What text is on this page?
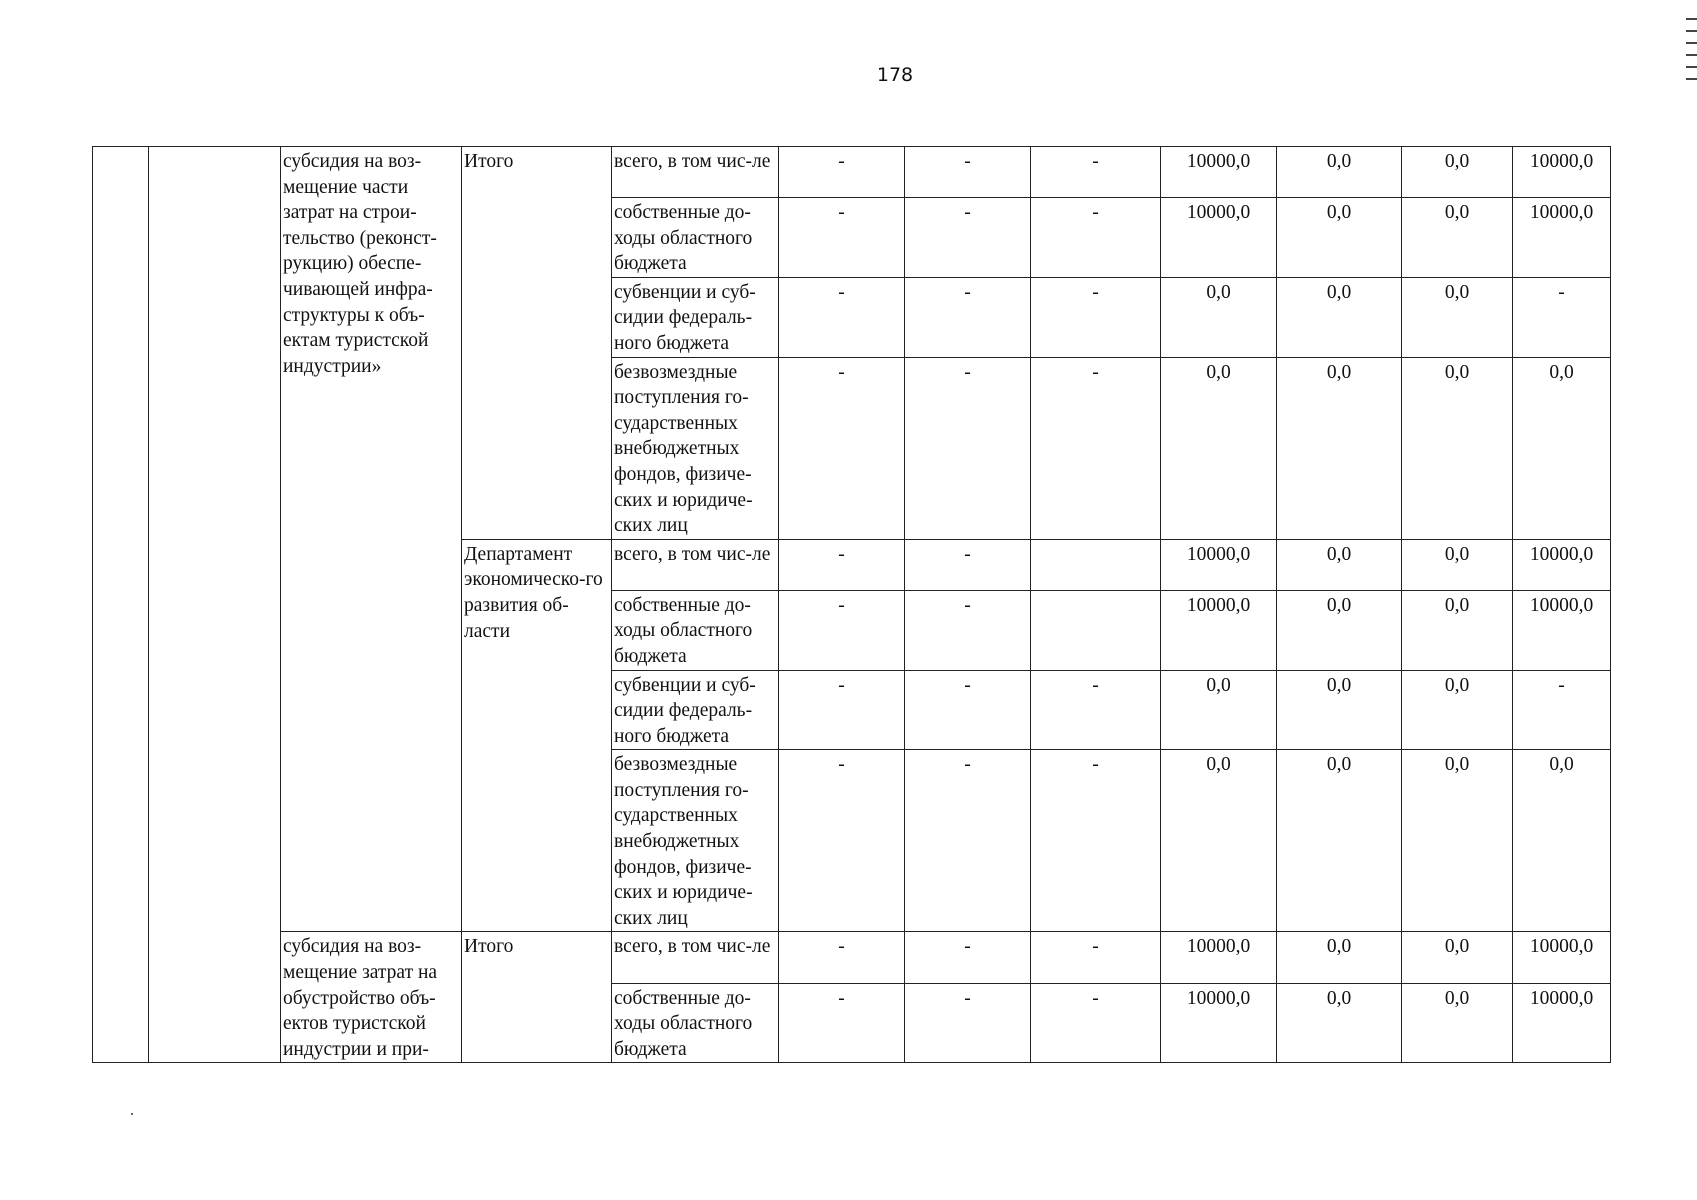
178
		субсидия на воз-мещение части затрат на строи-тельство (реконст-рукцию) обеспе-чивающей инфра-структуры к объ-ектам туристской индустрии»	Итого	всего, в том чис-ле	-	-	-	10000,0	0,0	0,0	10000,0
				собственные до-ходы областного бюджета	-	-	-	10000,0	0,0	0,0	10000,0
				субвенции и суб-сидии федераль-ного бюджета	-	-	-	0,0	0,0	0,0	-
				безвозмездные поступления го-сударственных внебюджетных фондов, физиче-ских и юридиче-ских лиц	-	-	-	0,0	0,0	0,0	0,0
			Департамент экономическо-го развития об-ласти	всего, в том чис-ле	-	-		10000,0	0,0	0,0	10000,0
				собственные до-ходы областного бюджета	-	-		10000,0	0,0	0,0	10000,0
				субвенции и суб-сидии федераль-ного бюджета	-	-	-	0,0	0,0	0,0	-
				безвозмездные поступления го-сударственных внебюджетных фондов, физиче-ских и юридиче-ских лиц	-	-	-	0,0	0,0	0,0	0,0
		субсидия на воз-мещение затрат на обустройство объ-ектов туристской индустрии и при-	Итого	всего, в том чис-ле	-	-	-	10000,0	0,0	0,0	10000,0
				собственные до-ходы областного бюджета	-	-	-	10000,0	0,0	0,0	10000,0
